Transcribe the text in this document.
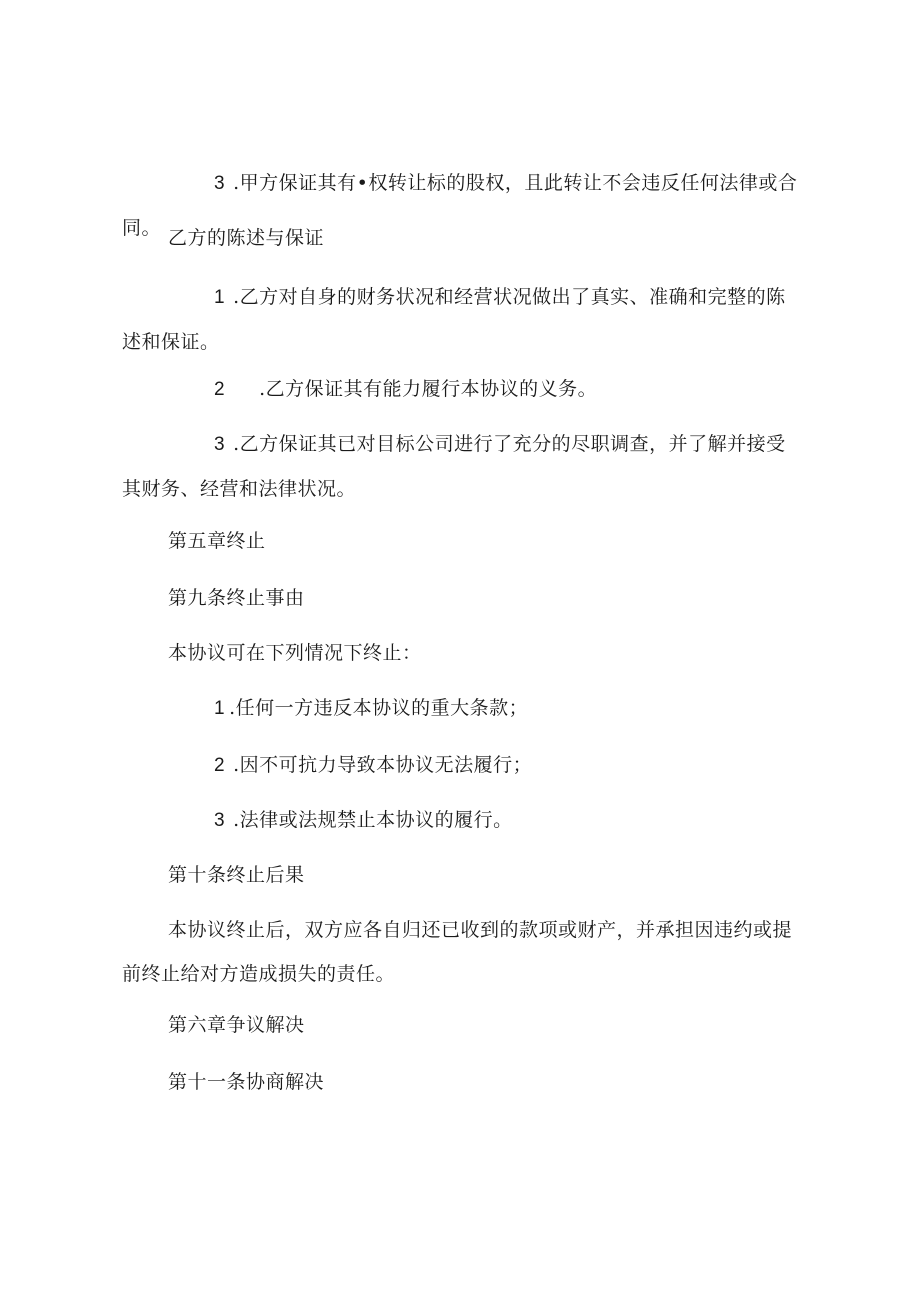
3 .甲方保证其有•权转让标的股权，且此转让不会违反任何法律或合同。 乙方的陈述与保证

1 .乙方对自身的财务状况和经营状况做出了真实、准确和完整的陈述和保证。

2 .乙方保证其有能力履行本协议的义务。

3 .乙方保证其已对目标公司进行了充分的尽职调查，并了解并接受其财务、经营和法律状况。

第五章终止

第九条终止事由

本协议可在下列情况下终止：

1 .任何一方违反本协议的重大条款；

2 .因不可抗力导致本协议无法履行；

3 .法律或法规禁止本协议的履行。

第十条终止后果

本协议终止后，双方应各自归还已收到的款项或财产，并承担因违约或提前终止给对方造成损失的责任。

第六章争议解决

第十一条协商解决
